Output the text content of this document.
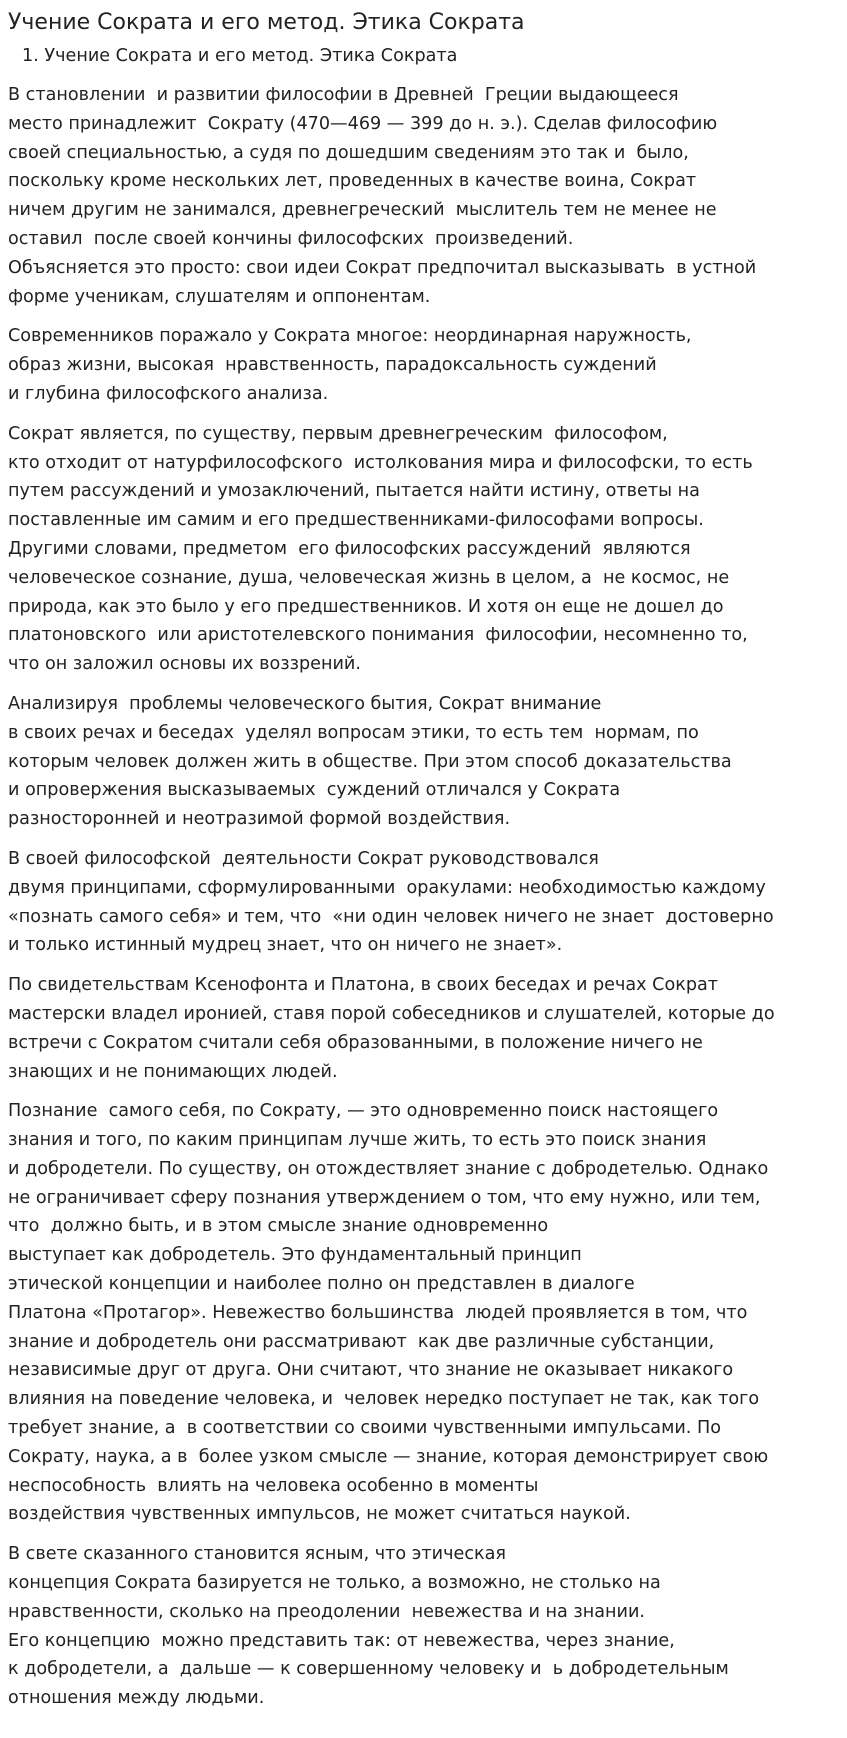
Учение Сократа и его метод. Этика Сократа
1. Учение Сократа и его метод. Этика Сократа

В становлении  и развитии философии в Древней  Греции выдающееся
место принадлежит  Сократу (470—469 — 399 до н. э.). Сделав философию
своей специальностью, а судя по дошедшим сведениям это так и  было,
поскольку кроме нескольких лет, проведенных в качестве воина, Сократ
ничем другим не занимался, древнегреческий  мыслитель тем не менее не
оставил  после своей кончины философских  произведений.
Объясняется это просто: свои идеи Сократ предпочитал высказывать  в устной
форме ученикам, слушателям и оппонентам.

Современников поражало у Сократа многое: неординарная наружность,
образ жизни, высокая  нравственность, парадоксальность суждений
и глубина философского анализа.

Сократ является, по существу, первым древнегреческим  философом,
кто отходит от натурфилософского  истолкования мира и философски, то есть
путем рассуждений и умозаключений, пытается найти истину, ответы на
поставленные им самим и его предшественниками-философами вопросы.
Другими словами, предметом  его философских рассуждений  являются
человеческое сознание, душа, человеческая жизнь в целом, а  не космос, не
природа, как это было у его предшественников. И хотя он еще не дошел до
платоновского  или аристотелевского понимания  философии, несомненно то,
что он заложил основы их воззрений.

Анализируя  проблемы человеческого бытия, Сократ внимание
в своих речах и беседах  уделял вопросам этики, то есть тем  нормам, по
которым человек должен жить в обществе. При этом способ доказательства
и опровержения высказываемых  суждений отличался у Сократа
разносторонней и неотразимой формой воздействия.

В своей философской  деятельности Сократ руководствовался
двумя принципами, сформулированными  оракулами: необходимостью каждому
«познать самого себя» и тем, что  «ни один человек ничего не знает  достоверно
и только истинный мудрец знает, что он ничего не знает».

По свидетельствам Ксенофонта и Платона, в своих беседах и речах Сократ
мастерски владел иронией, ставя порой собеседников и слушателей, которые до
встречи с Сократом считали себя образованными, в положение ничего не
знающих и не понимающих людей.

Познание  самого себя, по Сократу, — это одновременно поиск настоящего
знания и того, по каким принципам лучше жить, то есть это поиск знания
и добродетели. По существу, он отождествляет знание с добродетелью. Однако
не ограничивает сферу познания утверждением о том, что ему нужно, или тем,
что  должно быть, и в этом смысле знание одновременно
выступает как добродетель. Это фундаментальный принцип
этической концепции и наиболее полно он представлен в диалоге
Платона «Протагор». Невежество большинства  людей проявляется в том, что
знание и добродетель они рассматривают  как две различные субстанции,
независимые друг от друга. Они считают, что знание не оказывает никакого
влияния на поведение человека, и  человек нередко поступает не так, как того
требует знание, а  в соответствии со своими чувственными импульсами. По
Сократу, наука, а в  более узком смысле — знание, которая демонстрирует свою
неспособность  влиять на человека особенно в моменты
воздействия чувственных импульсов, не может считаться наукой.

В свете сказанного становится ясным, что этическая
концепция Сократа базируется не только, а возможно, не столько на
нравственности, сколько на преодолении  невежества и на знании.
Его концепцию  можно представить так: от невежества, через знание,
к добродетели, а  дальше — к совершенному человеку и  ь добродетельным
отношения между людьми.
